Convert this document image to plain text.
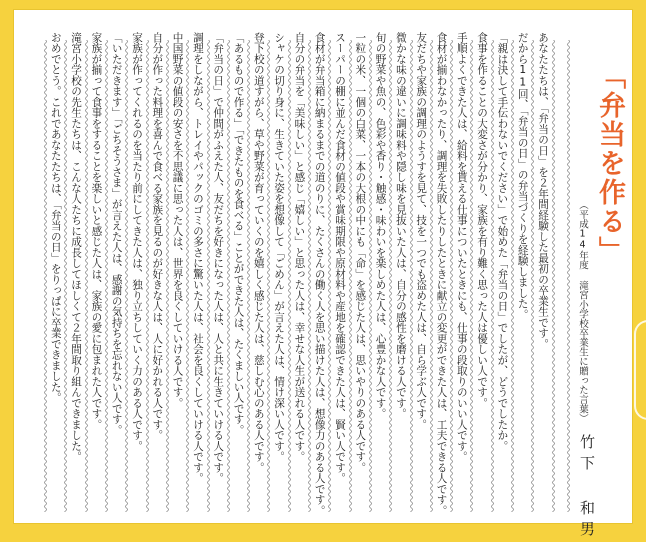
「弁当を作る」
（平成14年度 滝宮小学校卒業生に贈った言葉）
竹下 和男
あなたたちは、「弁当の日」を２年間経験した最初の卒業生です。
だから11回、「弁当の日」の弁当づくりを経験しました。
「親は決して手伝わないでください」で始めた「弁当の日」でしたが、どうでしたか。
食事を作ることの大変さが分かり、家族を有り難く思った人は優しい人です。
手順よくできた人は、給料を貰える仕事についたときにも、仕事の段取りのいい人です。
食材が揃わなかったり、調理を失敗したりしたときに献立の変更ができた人は、工夫できる人です。
友だちや家族の調理のようすを見て、技を一つでも盗めた人は、自ら学ぶ人です。
微かな味の違いに調味料や隠し味を見抜いた人は、自分の感性を磨ける人です。
旬の野菜や魚の、色彩や香り・触感・味わいを楽しめた人は、心豊かな人です。
一粒の米、一個の白菜、一本の大根の中にも「命」を感じた人は、思いやりのある人です。
スーパーの棚に並んだ食材の値段や賞味期限や原材料や産地を確認できた人は、賢い人です。
食材が弁当箱に納まるまでの道のりに、たくさんの働く人を思い描けた人は、想像力のある人です。
自分の弁当を「美味しい」と感じ「嬉しい」と思った人は、幸せな人生が送れる人です。
シャケの切り身に、生きていた姿を想像して「ごめん」が言えた人は、情け深い人です。
登下校の道すがら、草や野菜が育っていくのを嬉しく感じた人は、慈しむ心のある人です。
「あるもので作る」「できたものを食べる」ことができた人は、たくましい人です。
「弁当の日」で仲間がふえた人、友だちを好きになった人は、人と共に生きていける人です。
調理をしながら、トレイやパックのゴミの多さに驚いた人は、社会を良くしていける人です。
中国野菜の値段の安さを不思議に思った人は、世界を良くしていける人です。
自分が作った料理を喜んで食べる家族を見るのが好きな人は、人に好かれる人です。
家族が作ってくれるのを当たり前にしてきた人は、独り立ちしていく力のある人です。
「いただきます」「ごちそうさま」が言えた人は、感謝の気持ちを忘れない人です。
家族が揃って食事をすることを楽しいと感じた人は、家族の愛に包まれた人です。
滝宮小学校の先生たちは、こんな人たちに成長してほしくて２年間取り組んできました。
おめでとう。これであなたたちは、「弁当の日」をりっぱに卒業できました。
